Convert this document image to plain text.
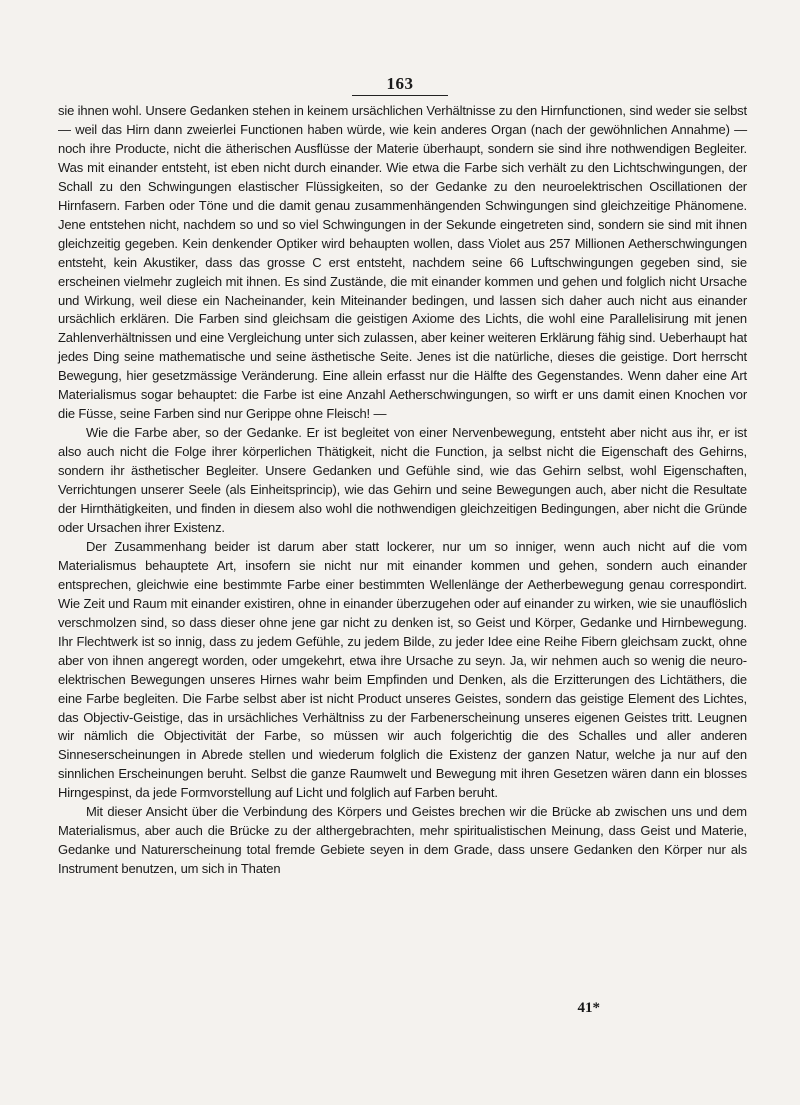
163

sie ihnen wohl. Unsere Gedanken stehen in keinem ursächlichen Verhältnisse zu den Hirnfunctionen, sind weder sie selbst — weil das Hirn dann zweierlei Functionen haben würde, wie kein anderes Organ (nach der gewöhnlichen Annahme) — noch ihre Producte, nicht die ätherischen Ausflüsse der Materie überhaupt, sondern sie sind ihre nothwendigen Begleiter. Was mit einander entsteht, ist eben nicht durch einander. Wie etwa die Farbe sich verhält zu den Lichtschwingungen, der Schall zu den Schwingungen elastischer Flüssigkeiten, so der Gedanke zu den neuroelektrischen Oscillationen der Hirnfasern. Farben oder Töne und die damit genau zusammenhängenden Schwingungen sind gleichzeitige Phänomene. Jene entstehen nicht, nachdem so und so viel Schwingungen in der Sekunde eingetreten sind, sondern sie sind mit ihnen gleichzeitig gegeben. Kein denkender Optiker wird behaupten wollen, dass Violet aus 257 Millionen Aetherschwingungen entsteht, kein Akustiker, dass das grosse C erst entsteht, nachdem seine 66 Luftschwingungen gegeben sind, sie erscheinen vielmehr zugleich mit ihnen. Es sind Zustände, die mit einander kommen und gehen und folglich nicht Ursache und Wirkung, weil diese ein Nacheinander, kein Miteinander bedingen, und lassen sich daher auch nicht aus einander ursächlich erklären. Die Farben sind gleichsam die geistigen Axiome des Lichts, die wohl eine Parallelisirung mit jenen Zahlenverhältnissen und eine Vergleichung unter sich zulassen, aber keiner weiteren Erklärung fähig sind. Ueberhaupt hat jedes Ding seine mathematische und seine ästhetische Seite. Jenes ist die natürliche, dieses die geistige. Dort herrscht Bewegung, hier gesetzmässige Veränderung. Eine allein erfasst nur die Hälfte des Gegenstandes. Wenn daher eine Art Materialismus sogar behauptet: die Farbe ist eine Anzahl Aetherschwingungen, so wirft er uns damit einen Knochen vor die Füsse, seine Farben sind nur Gerippe ohne Fleisch! —

Wie die Farbe aber, so der Gedanke. Er ist begleitet von einer Nervenbewegung, entsteht aber nicht aus ihr, er ist also auch nicht die Folge ihrer körperlichen Thätigkeit, nicht die Function, ja selbst nicht die Eigenschaft des Gehirns, sondern ihr ästhetischer Begleiter. Unsere Gedanken und Gefühle sind, wie das Gehirn selbst, wohl Eigenschaften, Verrichtungen unserer Seele (als Einheitsprincip), wie das Gehirn und seine Bewegungen auch, aber nicht die Resultate der Hirnthätigkeiten, und finden in diesem also wohl die nothwendigen gleichzeitigen Bedingungen, aber nicht die Gründe oder Ursachen ihrer Existenz.

Der Zusammenhang beider ist darum aber statt lockerer, nur um so inniger, wenn auch nicht auf die vom Materialismus behauptete Art, insofern sie nicht nur mit einander kommen und gehen, sondern auch einander entsprechen, gleichwie eine bestimmte Farbe einer bestimmten Wellenlänge der Aetherbewegung genau correspondirt. Wie Zeit und Raum mit einander existiren, ohne in einander überzugehen oder auf einander zu wirken, wie sie unauflöslich verschmolzen sind, so dass dieser ohne jene gar nicht zu denken ist, so Geist und Körper, Gedanke und Hirnbewegung. Ihr Flechtwerk ist so innig, dass zu jedem Gefühle, zu jedem Bilde, zu jeder Idee eine Reihe Fibern gleichsam zuckt, ohne aber von ihnen angeregt worden, oder umgekehrt, etwa ihre Ursache zu seyn. Ja, wir nehmen auch so wenig die neuro-elektrischen Bewegungen unseres Hirnes wahr beim Empfinden und Denken, als die Erzitterungen des Lichtäthers, die eine Farbe begleiten. Die Farbe selbst aber ist nicht Product unseres Geistes, sondern das geistige Element des Lichtes, das Objectiv-Geistige, das in ursächliches Verhältniss zu der Farbenerscheinung unseres eigenen Geistes tritt. Leugnen wir nämlich die Objectivität der Farbe, so müssen wir auch folgerichtig die des Schalles und aller anderen Sinneserscheinungen in Abrede stellen und wiederum folglich die Existenz der ganzen Natur, welche ja nur auf den sinnlichen Erscheinungen beruht. Selbst die ganze Raumwelt und Bewegung mit ihren Gesetzen wären dann ein blosses Hirngespinst, da jede Formvorstellung auf Licht und folglich auf Farben beruht.

Mit dieser Ansicht über die Verbindung des Körpers und Geistes brechen wir die Brücke ab zwischen uns und dem Materialismus, aber auch die Brücke zu der althergebrachten, mehr spiritualistischen Meinung, dass Geist und Materie, Gedanke und Naturerscheinung total fremde Gebiete seyen in dem Grade, dass unsere Gedanken den Körper nur als Instrument benutzen, um sich in Thaten

41*
